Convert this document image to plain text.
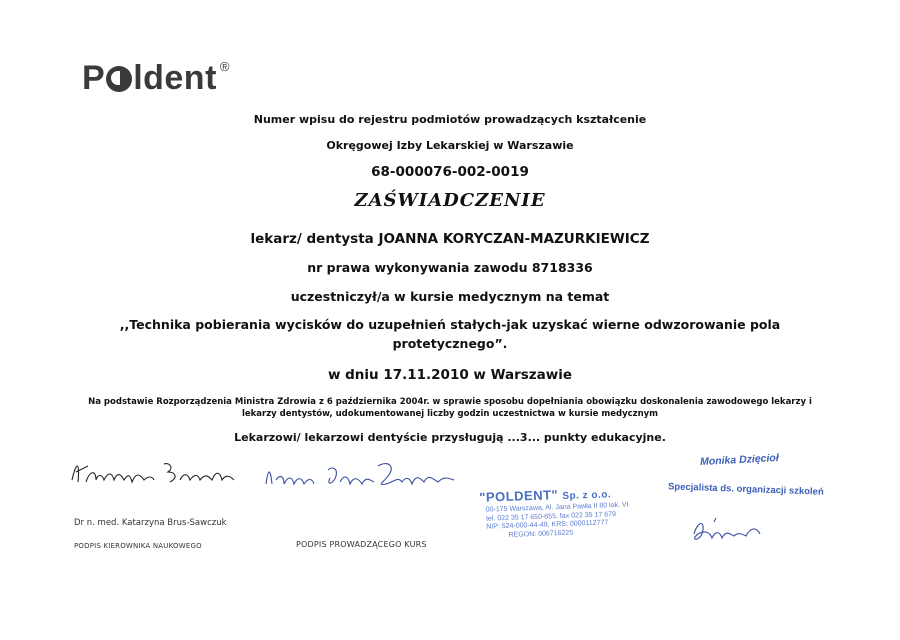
P ldent ®
Numer wpisu do rejestru podmiotów prowadzących kształcenie
Okręgowej Izby Lekarskiej w Warszawie
68-000076-002-0019
ZAŚWIADCZENIE
lekarz/ dentysta JOANNA KORYCZAN-MAZURKIEWICZ
nr prawa wykonywania zawodu 8718336
uczestniczył/a w kursie medycznym na temat
,,Technika pobierania wycisków do uzupełnień stałych-jak uzyskać wierne odwzorowanie pola
protetycznego”.
w dniu 17.11.2010 w Warszawie
Na podstawie Rozporządzenia Ministra Zdrowia z 6 października 2004r. w sprawie sposobu dopełniania obowiązku doskonalenia zawodowego lekarzy i
lekarzy dentystów, udokumentowanej liczby godzin uczestnictwa w kursie medycznym
Lekarzowi/ lekarzowi dentyście przysługują ...3... punkty edukacyjne.
Dr n. med. Katarzyna Brus-Sawczuk
PODPIS KIEROWNIKA NAUKOWEGO	PODPIS PROWADZĄCEGO KURS
"POLDENT" Sp. z o.o.
00-175 Warszawa, Al. Jana Pawła II 80 lok. VI
tel. 022 35 17 650-655, fax 022 35 17 679
NIP: 524-000-44-48, KRS: 0000112777
REGON: 006716225
Monika Dzięcioł
Specjalista ds. organizacji szkoleń
